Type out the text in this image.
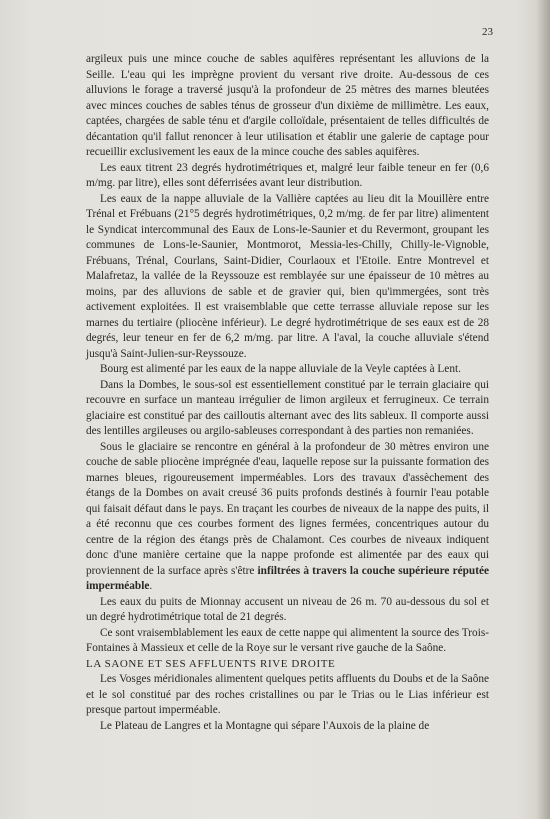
23

argileux puis une mince couche de sables aquifères représentant les alluvions de la Seille. L'eau qui les imprègne provient du versant rive droite. Au-dessous de ces alluvions le forage a traversé jusqu'à la profondeur de 25 mètres des marnes bleutées avec minces couches de sables ténus de grosseur d'un dixième de millimètre. Les eaux, captées, chargées de sable ténu et d'argile colloïdale, présentaient de telles difficultés de décantation qu'il fallut renoncer à leur utilisation et établir une galerie de captage pour recueillir exclusivement les eaux de la mince couche des sables aquifères.

Les eaux titrent 23 degrés hydrotimétriques et, malgré leur faible teneur en fer (0,6 m/mg. par litre), elles sont déferrisées avant leur distribution.

Les eaux de la nappe alluviale de la Vallière captées au lieu dit la Mouillère entre Trénal et Frébuans (21°5 degrés hydrotimétriques, 0,2 m/mg. de fer par litre) alimentent le Syndicat intercommunal des Eaux de Lons-le-Saunier et du Revermont, groupant les communes de Lons-le-Saunier, Montmorot, Messia-les-Chilly, Chilly-le-Vignoble, Frébuans, Trénal, Courlans, Saint-Didier, Courlaoux et l'Etoile. Entre Montrevel et Malafretaz, la vallée de la Reyssouze est remblayée sur une épaisseur de 10 mètres au moins, par des alluvions de sable et de gravier qui, bien qu'immergées, sont très activement exploitées. Il est vraisemblable que cette terrasse alluviale repose sur les marnes du tertiaire (pliocène inférieur). Le degré hydrotimétrique de ses eaux est de 28 degrés, leur teneur en fer de 6,2 m/mg. par litre. A l'aval, la couche alluviale s'étend jusqu'à Saint-Julien-sur-Reyssouze.

Bourg est alimenté par les eaux de la nappe alluviale de la Veyle captées à Lent.

Dans la Dombes, le sous-sol est essentiellement constitué par le terrain glaciaire qui recouvre en surface un manteau irrégulier de limon argileux et ferrugineux. Ce terrain glaciaire est constitué par des cailloutis alternant avec des lits sableux. Il comporte aussi des lentilles argileuses ou argilo-sableuses correspondant à des parties non remaniées.

Sous le glaciaire se rencontre en général à la profondeur de 30 mètres environ une couche de sable pliocène imprégnée d'eau, laquelle repose sur la puissante formation des marnes bleues, rigoureusement imperméables. Lors des travaux d'assèchement des étangs de la Dombes on avait creusé 36 puits profonds destinés à fournir l'eau potable qui faisait défaut dans le pays. En traçant les courbes de niveaux de la nappe des puits, il a été reconnu que ces courbes forment des lignes fermées, concentriques autour du centre de la région des étangs près de Chalamont. Ces courbes de niveaux indiquent donc d'une manière certaine que la nappe profonde est alimentée par des eaux qui proviennent de la surface après s'être infiltrées à travers la couche supérieure réputée imperméable.

Les eaux du puits de Mionnay accusent un niveau de 26 m. 70 au-dessous du sol et un degré hydrotimétrique total de 21 degrés.

Ce sont vraisemblablement les eaux de cette nappe qui alimentent la source des Trois-Fontaines à Massieux et celle de la Roye sur le versant rive gauche de la Saône.

LA SAONE ET SES AFFLUENTS RIVE DROITE

Les Vosges méridionales alimentent quelques petits affluents du Doubs et de la Saône et le sol constitué par des roches cristallines ou par le Trias ou le Lias inférieur est presque partout imperméable.

Le Plateau de Langres et la Montagne qui sépare l'Auxois de la plaine de
